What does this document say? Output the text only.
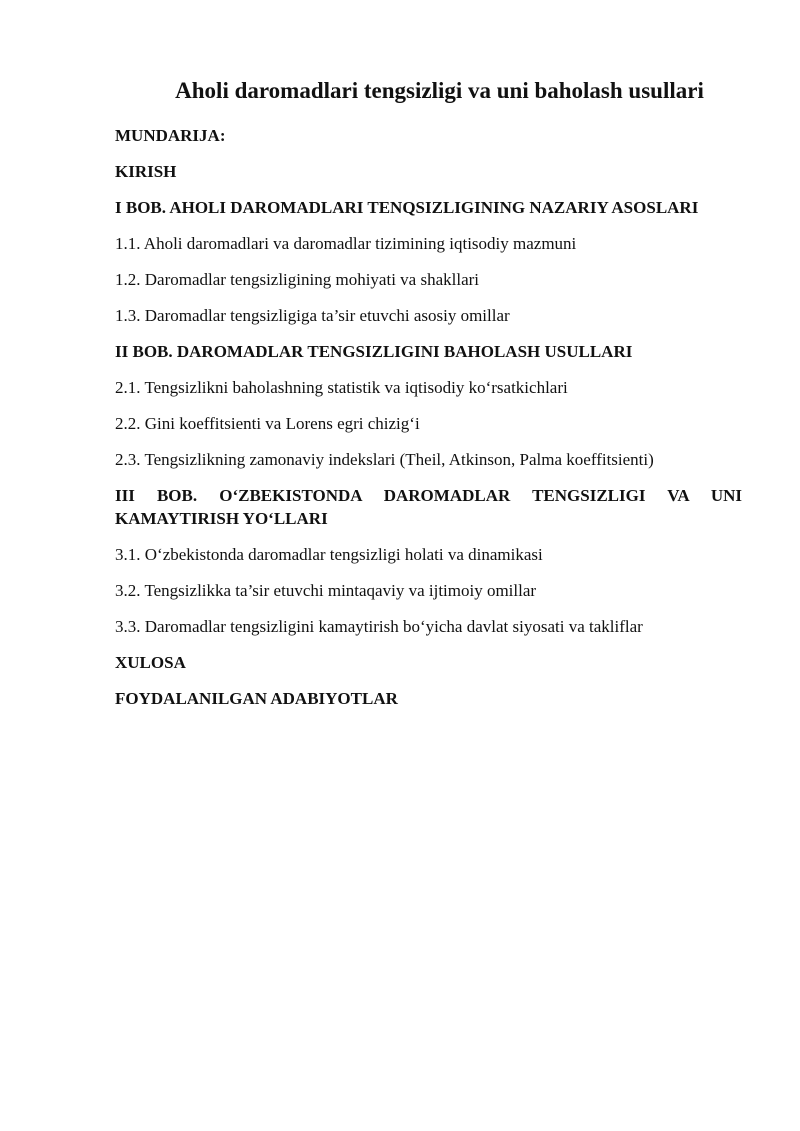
Aholi daromadlari tengsizligi va uni baholash usullari
MUNDARIJA:
KIRISH
I BOB. AHOLI DAROMADLARI TENQSIZLIGINING NAZARIY ASOSLARI
1.1. Aholi daromadlari va daromadlar tizimining iqtisodiy mazmuni
1.2. Daromadlar tengsizligining mohiyati va shakllari
1.3. Daromadlar tengsizligiga ta’sir etuvchi asosiy omillar
II BOB. DAROMADLAR TENGSIZLIGINI BAHOLASH USULLARI
2.1. Tengsizlikni baholashning statistik va iqtisodiy ko‘rsatkichlari
2.2. Gini koeffitsienti va Lorens egri chizig‘i
2.3. Tengsizlikning zamonaviy indekslari (Theil, Atkinson, Palma koeffitsienti)
III BOB. O‘ZBEKISTONDA DAROMADLAR TENGSIZLIGI VA UNI KAMAYTIRISH YO‘LLARI
3.1. O‘zbekistonda daromadlar tengsizligi holati va dinamikasi
3.2. Tengsizlikka ta’sir etuvchi mintaqaviy va ijtimoiy omillar
3.3. Daromadlar tengsizligini kamaytirish bo‘yicha davlat siyosati va takliflar
XULOSA
FOYDALANILGAN ADABIYOTLAR
